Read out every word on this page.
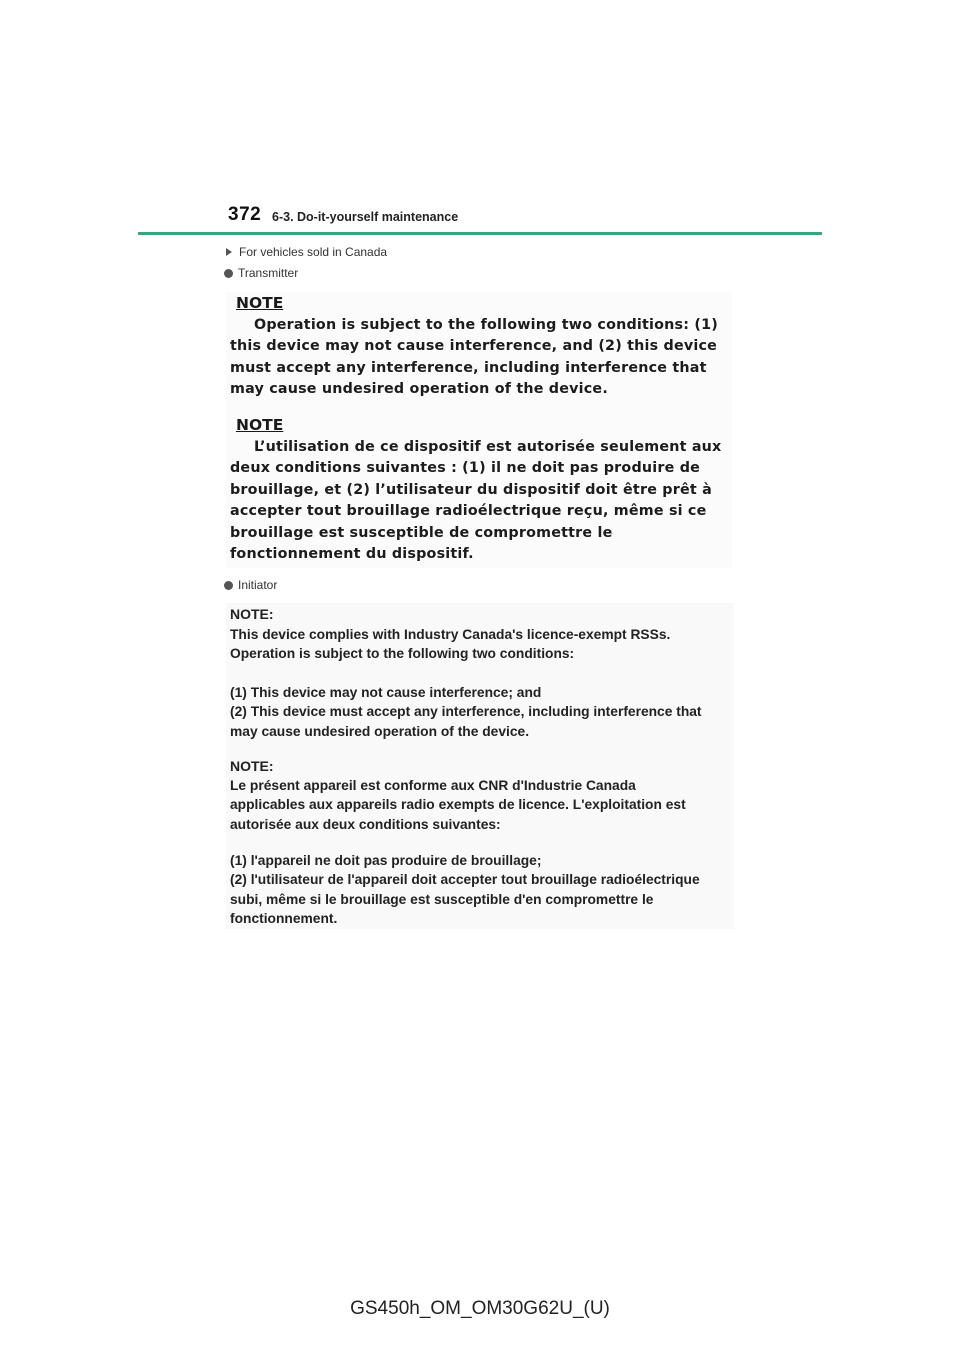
372 6-3. Do-it-yourself maintenance
For vehicles sold in Canada
Transmitter
NOTE

Operation is subject to the following two conditions: (1)

this device may not cause interference, and (2) this device

must accept any interference, including interference that

may cause undesired operation of the device.

NOTE

L’utilisation de ce dispositif est autorisée seulement aux

deux conditions suivantes : (1) il ne doit pas produire de

brouillage, et (2) l’utilisateur du dispositif doit être prêt à

accepter tout brouillage radioélectrique reçu, même si ce

brouillage est susceptible de compromettre le

fonctionnement du dispositif.

Initiator
NOTE:

This device complies with Industry Canada's licence-exempt RSSs.

Operation is subject to the following two conditions:

(1) This device may not cause interference; and

(2) This device must accept any interference, including interference that

may cause undesired operation of the device.

NOTE:

Le présent appareil est conforme aux CNR d'Industrie Canada

applicables aux appareils radio exempts de licence. L'exploitation est

autorisée aux deux conditions suivantes:

(1) l'appareil ne doit pas produire de brouillage;

(2) l'utilisateur de l'appareil doit accepter tout brouillage radioélectrique

subi, même si le brouillage est susceptible d'en compromettre le

fonctionnement.

GS450h_OM_OM30G62U_(U)
